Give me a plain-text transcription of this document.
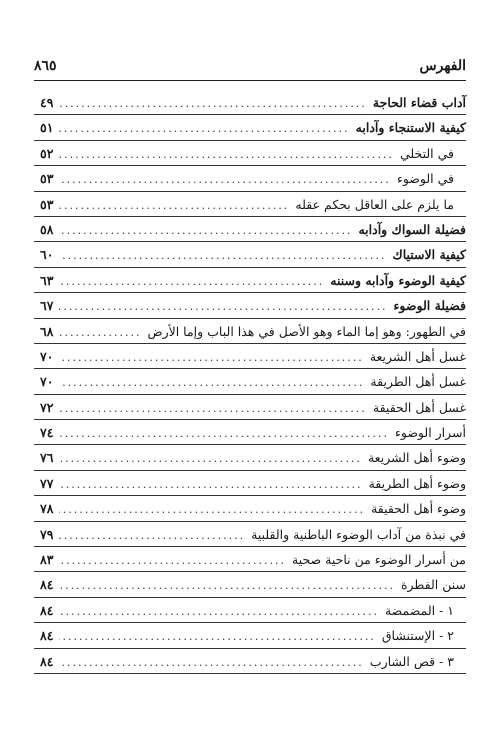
الفهرس
٨٦٥
آداب قضاء الحاجة
.....
٤٩
كيفية الاستنجاء وآدابه
.....
٥١
في التخلي
.....
٥٢
في الوضوء
.....
٥٣
ما يلزم على العاقل بحكم عقله
.....
٥٣
فضيلة السواك وآدابه
.....
٥٨
كيفية الاستياك
.....
٦٠
كيفية الوضوء وآدابه وسننه
.....
٦٣
فضيلة الوضوء
.....
٦٧
في الطهور: وهو إما الماء وهو الأصل في هذا الباب وإما الأرض
.....
٦٨
غسل أهل الشريعة
.....
٧٠
غسل أهل الطريقة
.....
٧٠
غسل أهل الحقيقة
.....
٧٢
أسرار الوضوء
.....
٧٤
وضوء أهل الشريعة
.....
٧٦
وضوء أهل الطريقة
.....
٧٧
وضوء أهل الحقيقة
.....
٧٨
في نبذة من آداب الوضوء الباطنية والقلبية
.....
٧٩
من أسرار الوضوء من ناحية صحية
.....
٨٣
سنن الفطرة
.....
٨٤
١ - المضمضة
.....
٨٤
٢ - الإستنشاق
.....
٨٤
٣ - قص الشارب
.....
٨٤
